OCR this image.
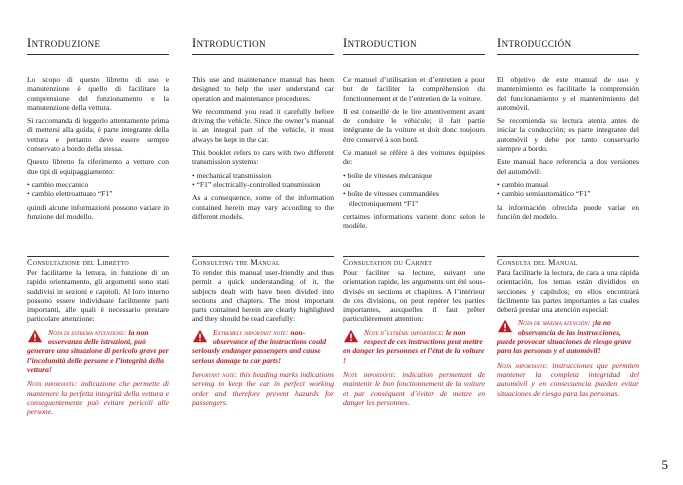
Introduzione

Lo scopo di questo libretto di uso e manutenzione è quello di facilitare la comprensione del funzionamento e la manutenzione della vettura.

Si raccomanda di leggerlo attentamente prima di mettersi alla guida; è parte integrante della vettura e pertanto deve essere sempre conservato a bordo della stessa.

Questo libretto fa riferimento a vetture con due tipi di equipaggiamento:

• cambio meccanico
• cambio elettroattuato “F1”

quindi alcune informazioni possono variare in funzione del modello.

Introduction

This use and maintenance manual has been designed to help the user understand car operation and maintenance procedures.

We recommend you read it carefully before driving the vehicle. Since the owner’s manual is an integral part of the vehicle, it must always be kept in the car.

This booklet refers to cars with two different transmission systems:

• mechanical transmission
• “F1” electrically-controlled transmission

As a consequence, some of the information contained herein may vary according to the different models.

Introduction

Ce manuel d’utilisation et d’entretien a pour but de faciliter la compréhension du fonctionnement et de l’entretien de la voiture.

Il est conseillé de le lire attentivement avant de conduire le véhicule; il fait partie intégrante de la voiture et doit donc toujours être conservé à son bord.

Ce manuel se réfère à des voitures équipées de:

• boîte de vitesses mécanique
ou
• boîte de vitesses commandées électroniquement “F1”

certaines informations varient donc selon le modèle.

Introducción

El objetivo de este manual de uso y mantenimiento es facilitarle la comprensión del funcionamiento y el mantenimiento del automóvil.

Se recomienda su lectura atenta antes de iniciar la conducción; es parte integrante del automóvil y debe por tanto conservarlo siempre a bordo.

Este manual hace referencia a dos versiones del automóvil:

• cambio manual
• cambio semiautomático “F1”

la información ofrecida puede variar en función del modelo.

Consultazione del Libretto

Per facilitarne la lettura, in funzione di un rapido orientamento, gli argomenti sono stati suddivisi in sezioni e capitoli. Al loro interno possono essere individuate facilmente parti importanti, alle quali è necessario prestare particolare attenzione:

Nota di estrema attenzione: la non osservanza delle istruzioni, può generare una situazione di pericolo grave per l’incolumità delle persone e l’integrità della vettura!

Nota importante: indicazione che permette di mantenere la perfetta integrità della vettura e conseguentemente può evitare pericoli alle persone.

Consulting the Manual

To render this manual user-friendly and thus permit a quick understanding of it, the subjects dealt with have been divided into sections and chapters. The most important parts contained herein are clearly highlighted and they should be read carefully:

Extremely important note: non-observance of the instructions could seriously endanger passengers and cause serious damage to car parts!

Important note: this heading marks indications serving to keep the car in perfect working order and therefore prevent hazards for passengers.

Consultation du Carnet

Pour faciliter sa lecture, suivant une orientation rapide, les arguments ont été sous-divisés en sections et chapitres. A l’intérieur de ces divisions, on peut repérer les parties importantes, auxquelles il faut prêter particulièrement attention:

Note d’extrême importance: le non respect de ces instructions peut mettre en danger les personnes et l’état de la voiture !

Note importante: indication permettant de maintenir le bon fonctionnement de la voiture et par conséquent d’éviter de mettre en danger les personnes.

Consulta del Manual

Para facilitarle la lectura, de cara a una rápida orientación, los temas están divididos en secciones y capítulos; en ellos encontrará fácilmente las partes importantes a las cuales deberá prestar una atención especial:

Nota de máxima atención: ¡la no observancia de las instrucciones, puede provocar situaciones de riesgo grave para las personas y el automóvil!

Nota importante: instrucciones que permiten mantener la completa integridad del automóvil y en consecuencia pueden evitar situaciones de riesgo para las personas.

5
